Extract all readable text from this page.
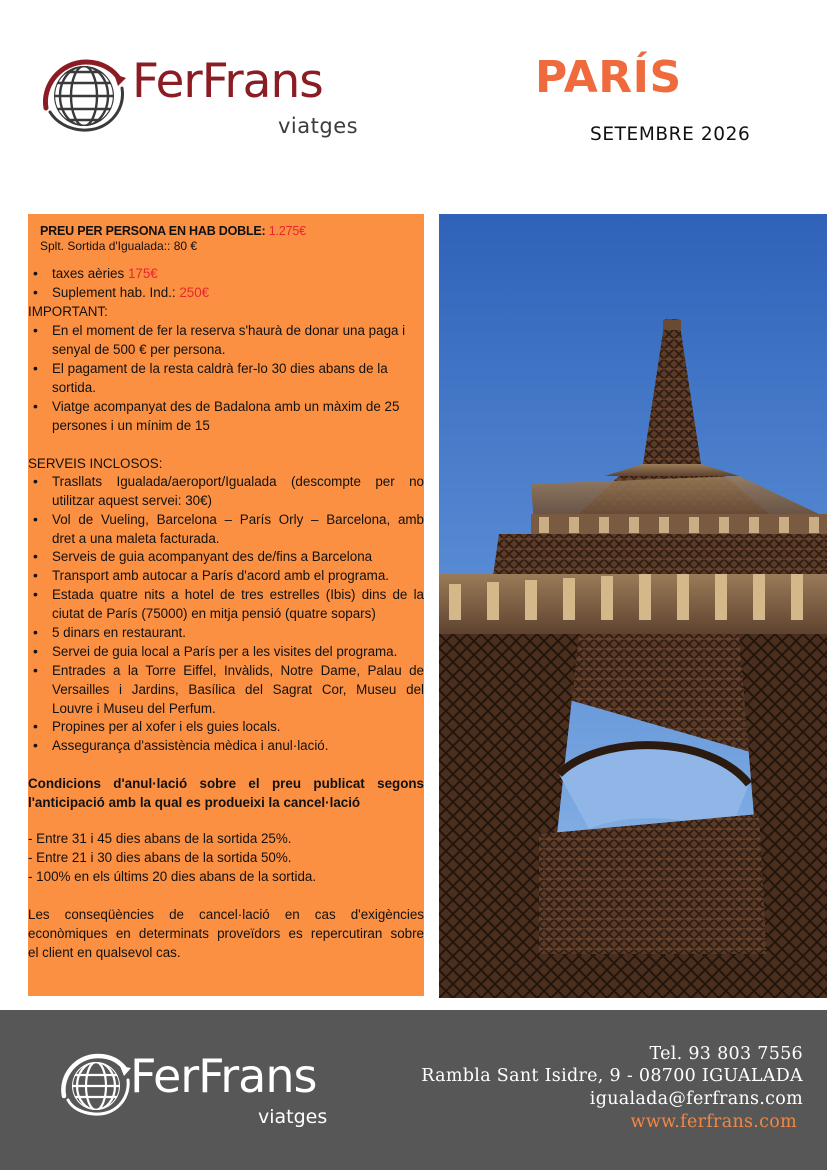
FerFrans
viatges
PARÍS
SETEMBRE 2026
PREU PER PERSONA EN HAB DOBLE: 1.275€
Splt. Sortida d'Igualada:: 80 €
• taxes aèries 175€
• Suplement hab. Ind.: 250€
IMPORTANT:
• En el moment de fer la reserva s'haurà de donar una paga i
senyal de 500 € per persona.
• El pagament de la resta caldrà fer-lo 30 dies abans de la
sortida.
• Viatge acompanyat des de Badalona amb un màxim de 25
persones i un mínim de 15
SERVEIS INCLOSOS:
• Trasllats Igualada/aeroport/Igualada (descompte per no
utilitzar aquest servei: 30€)
• Vol de Vueling, Barcelona – París Orly – Barcelona, amb
dret a una maleta facturada.
• Serveis de guia acompanyant des de/fins a Barcelona
• Transport amb autocar a París d'acord amb el programa.
• Estada quatre nits a hotel de tres estrelles (Ibis) dins de la
ciutat de París (75000) en mitja pensió (quatre sopars)
• 5 dinars en restaurant.
• Servei de guia local a París per a les visites del programa.
• Entrades a la Torre Eiffel, Invàlids, Notre Dame, Palau de
Versailles i Jardins, Basílica del Sagrat Cor, Museu del
Louvre i Museu del Perfum.
• Propines per al xofer i els guies locals.
• Assegurança d'assistència mèdica i anul·lació.
Condicions d'anul·lació sobre el preu publicat segons
l'anticipació amb la qual es produeixi la cancel·lació
- Entre 31 i 45 dies abans de la sortida 25%.
- Entre 21 i 30 dies abans de la sortida 50%.
- 100% en els últims 20 dies abans de la sortida.
Les conseqüències de cancel·lació en cas d'exigències
econòmiques en determinats proveïdors es repercutiran sobre
el client en qualsevol cas.
FerFrans
viatges
Tel. 93 803 7556
Rambla Sant Isidre, 9 - 08700 IGUALADA
igualada@ferfrans.com
www.ferfrans.com
